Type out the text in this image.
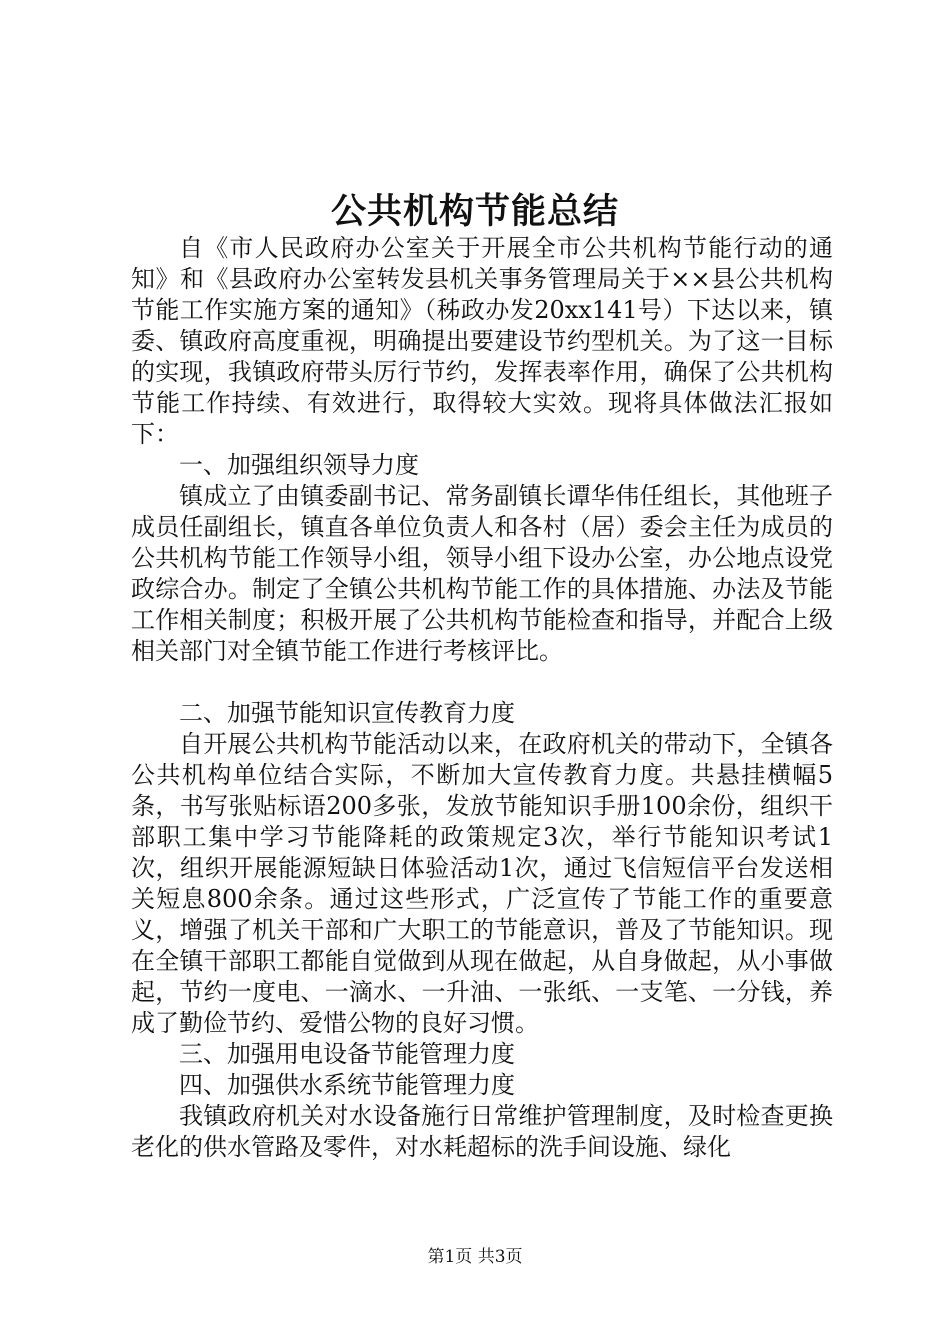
公共机构节能总结

自《市人民政府办公室关于开展全市公共机构节能行动的通知》和《县政府办公室转发县机关事务管理局关于××县公共机构节能工作实施方案的通知》（秭政办发20xx141号）下达以来，镇委、镇政府高度重视，明确提出要建设节约型机关。为了这一目标的实现，我镇政府带头厉行节约，发挥表率作用，确保了公共机构节能工作持续、有效进行，取得较大实效。现将具体做法汇报如下：

一、加强组织领导力度

镇成立了由镇委副书记、常务副镇长谭华伟任组长，其他班子成员任副组长，镇直各单位负责人和各村（居）委会主任为成员的公共机构节能工作领导小组，领导小组下设办公室，办公地点设党政综合办。制定了全镇公共机构节能工作的具体措施、办法及节能工作相关制度；积极开展了公共机构节能检查和指导，并配合上级相关部门对全镇节能工作进行考核评比。

二、加强节能知识宣传教育力度

自开展公共机构节能活动以来，在政府机关的带动下，全镇各公共机构单位结合实际，不断加大宣传教育力度。共悬挂横幅5条，书写张贴标语200多张，发放节能知识手册100余份，组织干部职工集中学习节能降耗的政策规定3次，举行节能知识考试1次，组织开展能源短缺日体验活动1次，通过飞信短信平台发送相关短息800余条。通过这些形式，广泛宣传了节能工作的重要意义，增强了机关干部和广大职工的节能意识，普及了节能知识。现在全镇干部职工都能自觉做到从现在做起，从自身做起，从小事做起，节约一度电、一滴水、一升油、一张纸、一支笔、一分钱，养成了勤俭节约、爱惜公物的良好习惯。

三、加强用电设备节能管理力度

四、加强供水系统节能管理力度

我镇政府机关对水设备施行日常维护管理制度，及时检查更换老化的供水管路及零件，对水耗超标的洗手间设施、绿化

第1页 共3页
